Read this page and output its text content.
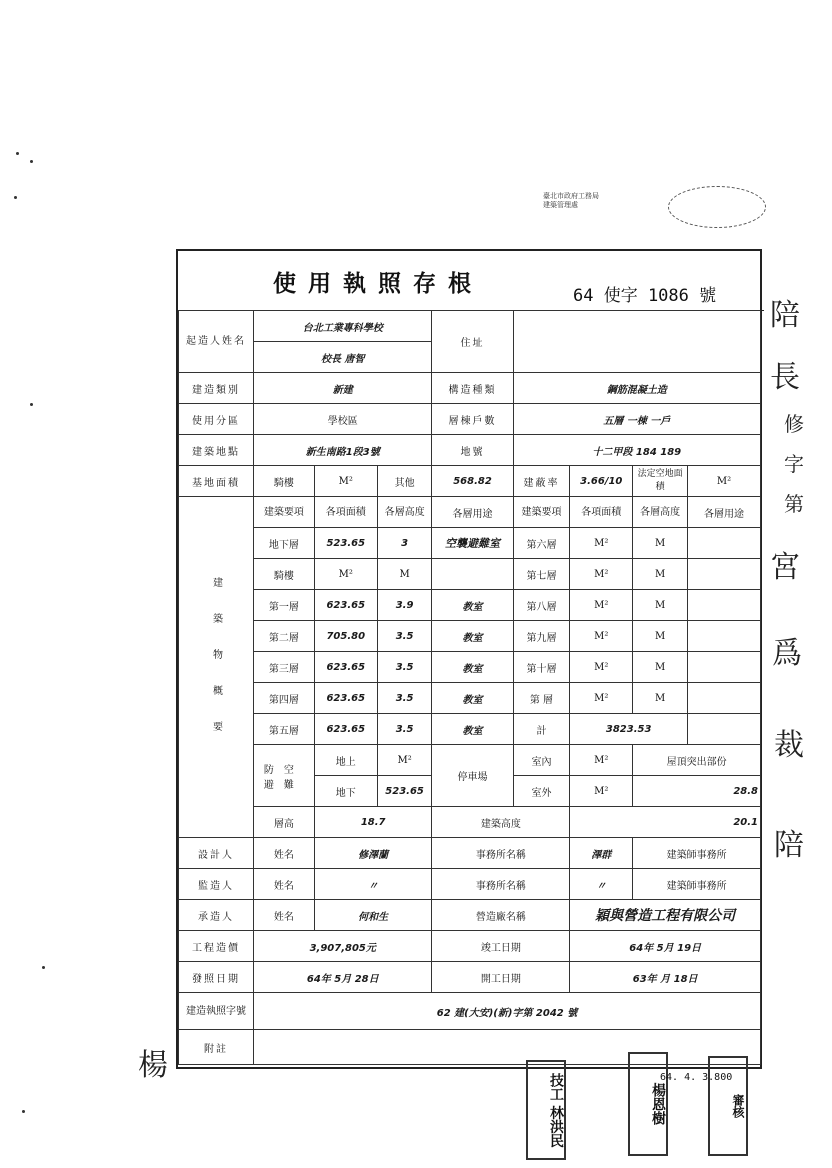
臺北市政府工務局
建築管理處
楊
陪
長
修
字
第
宮
爲
裁
陪
使用執照存根	64 使字 1086 號
起造人姓名	台北工業專科學校			住址				
	校長 唐智							
建造類別	新建			構造種類	鋼筋混凝土造			
使用分區	學校區			層棟戶數	五層 一棟 一戶			
建築地點	新生南路1段3號			地號	十二甲段 184 189			
基地面積	騎樓	M²	其他	568.82	建蔽率	3.66/10	法定空地面積	M²
建築物概要	建築要項	各項面積	各層高度	各層用途	建築要項	各項面積	各層高度	各層用途
	地下層	523.65	3	空襲避難室	第六層	M²	M	
	騎樓	M²	M		第七層	M²	M	
	第一層	623.65	3.9	教室	第八層	M²	M	
	第二層	705.80	3.5	教室	第九層	M²	M	
	第三層	623.65	3.5	教室	第十層	M²	M	
	第四層	623.65	3.5	教室	第 層	M²	M	
	第五層	623.65	3.5	教室	計	3823.53		
	防空避難	地上	M²	停車場	室內	M²	屋頂突出部份	
		地下	523.65		室外	M²	28.8	
	層高	18.7		建築高度		20.1		
設計人	姓名	修澤蘭		事務所名稱		澤群	建築師事務所	
監造人	姓名	〃		事務所名稱		〃	建築師事務所	
承造人	姓名	何和生		營造廠名稱		穎與營造工程有限公司		
工程造價	3,907,805元			竣工日期		64年 5月 19日		
發照日期	64年 5月 28日			開工日期		63年 月 18日		
建造執照字號	62 建(大安)(新)字第 2042 號							
附註								
技工 林洪民	楊恩樹	審核
64. 4. 3.800
